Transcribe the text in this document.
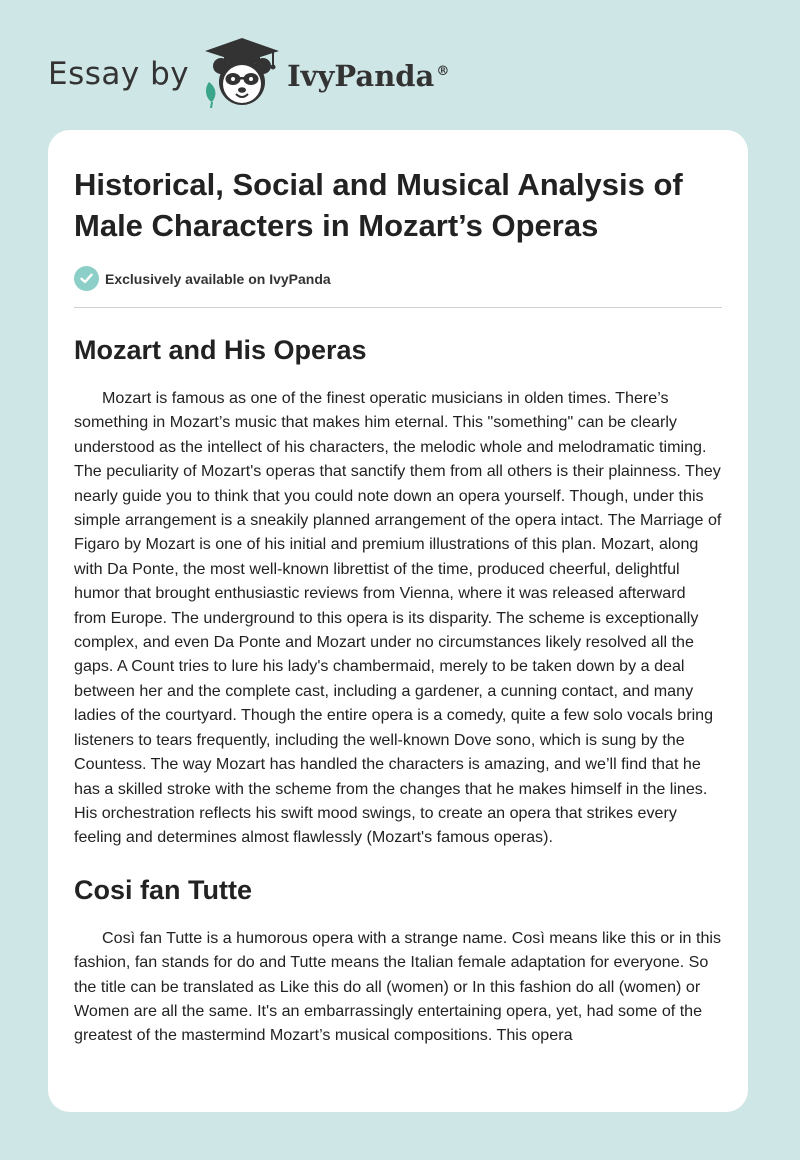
Essay by	IvyPanda ®
Historical, Social and Musical Analysis of Male Characters in Mozart’s Operas
Exclusively available on IvyPanda
Mozart and His Operas

Mozart is famous as one of the finest operatic musicians in olden times. There’s something in Mozart’s music that makes him eternal. This "something" can be clearly understood as the intellect of his characters, the melodic whole and melodramatic timing. The peculiarity of Mozart's operas that sanctify them from all others is their plainness. They nearly guide you to think that you could note down an opera yourself. Though, under this simple arrangement is a sneakily planned arrangement of the opera intact. The Marriage of Figaro by Mozart is one of his initial and premium illustrations of this plan. Mozart, along with Da Ponte, the most well-known librettist of the time, produced cheerful, delightful humor that brought enthusiastic reviews from Vienna, where it was released afterward from Europe. The underground to this opera is its disparity. The scheme is exceptionally complex, and even Da Ponte and Mozart under no circumstances likely resolved all the gaps. A Count tries to lure his lady's chambermaid, merely to be taken down by a deal between her and the complete cast, including a gardener, a cunning contact, and many ladies of the courtyard. Though the entire opera is a comedy, quite a few solo vocals bring listeners to tears frequently, including the well-known Dove sono, which is sung by the Countess. The way Mozart has handled the characters is amazing, and we’ll find that he has a skilled stroke with the scheme from the changes that he makes himself in the lines. His orchestration reflects his swift mood swings, to create an opera that strikes every feeling and determines almost flawlessly (Mozart's famous operas).

Cosi fan Tutte

Così fan Tutte is a humorous opera with a strange name. Così means like this or in this fashion, fan stands for do and Tutte means the Italian female adaptation for everyone. So the title can be translated as Like this do all (women) or In this fashion do all (women) or Women are all the same. It's an embarrassingly entertaining opera, yet, had some of the greatest of the mastermind Mozart’s musical compositions. This opera
